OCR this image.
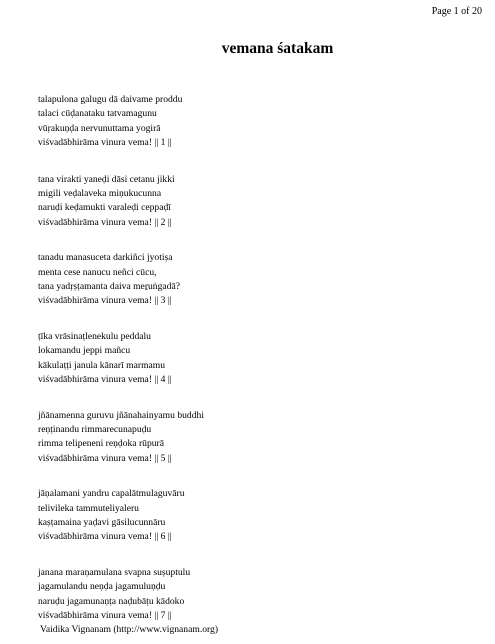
Page 1 of 20
vemana śatakam
talapulona galugu dā daivame proddu
talaci cūḍanataku tatvamagunu
vūṛakuṇḍa nervunuttama yogirā
viśvadābhirāma vinura vema! || 1 ||
tana virakti yaneḍi dāsi cetanu jikki
migili veḍalaveka miṇukucunna
naruḍi keḍamukti varaleḍi ceppaḍī
viśvadābhirāma vinura vema! || 2 ||
tanadu manasuceta darkiñci jyotiṣa
menta cese nanucu neñci cūcu,
tana yadṛṣṭamanta daiva meṟuṅgadā?
viśvadābhirāma vinura vema! || 3 ||
ṭīka vrāsinaṭlenekulu peddalu
lokamandu jeppi mañcu
kākulaṭṭi janula kānarī marmamu
viśvadābhirāma vinura vema! || 4 ||
jñānamenna guruvu jñānahainyamu buddhi
reṇṭinandu rimmarecunapuḍu
rimma telipeneni reṇḍoka rūpurā
viśvadābhirāma vinura vema! || 5 ||
jāṇalamani yandru capalātmulaguvāru
telivileka tammuteliyaleru
kaṣṭamaina yaḍavi gāsilucunnāru
viśvadābhirāma vinura vema! || 6 ||
janana maraṇamulana svapna suṣuptulu
jagamulandu neṇḍa jagamuluṇḍu
naruḍu jagamunaṇṭa naḍubāṭu kādoko
viśvadābhirāma vinura vema! || 7 ||
Vaidika Vignanam (http://www.vignanam.org)
